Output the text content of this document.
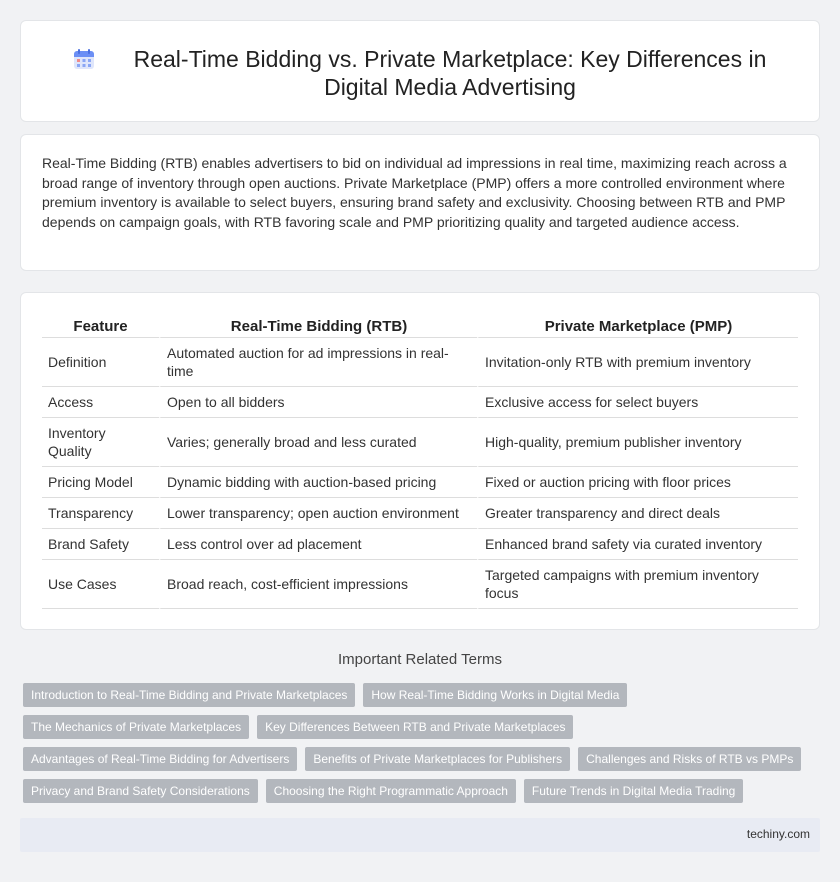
Real-Time Bidding vs. Private Marketplace: Key Differences in Digital Media Advertising

Real-Time Bidding (RTB) enables advertisers to bid on individual ad impressions in real time, maximizing reach across a broad range of inventory through open auctions. Private Marketplace (PMP) offers a more controlled environment where premium inventory is available to select buyers, ensuring brand safety and exclusivity. Choosing between RTB and PMP depends on campaign goals, with RTB favoring scale and PMP prioritizing quality and targeted audience access.

Feature	Real-Time Bidding (RTB)	Private Marketplace (PMP)
Definition	Automated auction for ad impressions in real-time	Invitation-only RTB with premium inventory
Access	Open to all bidders	Exclusive access for select buyers
Inventory Quality	Varies; generally broad and less curated	High-quality, premium publisher inventory
Pricing Model	Dynamic bidding with auction-based pricing	Fixed or auction pricing with floor prices
Transparency	Lower transparency; open auction environment	Greater transparency and direct deals
Brand Safety	Less control over ad placement	Enhanced brand safety via curated inventory
Use Cases	Broad reach, cost-efficient impressions	Targeted campaigns with premium inventory focus
Important Related Terms
Introduction to Real-Time Bidding and Private Marketplaces	How Real-Time Bidding Works in Digital Media
The Mechanics of Private Marketplaces	Key Differences Between RTB and Private Marketplaces
Advantages of Real-Time Bidding for Advertisers	Benefits of Private Marketplaces for Publishers	Challenges and Risks of RTB vs PMPs
Privacy and Brand Safety Considerations	Choosing the Right Programmatic Approach	Future Trends in Digital Media Trading
techiny.com
